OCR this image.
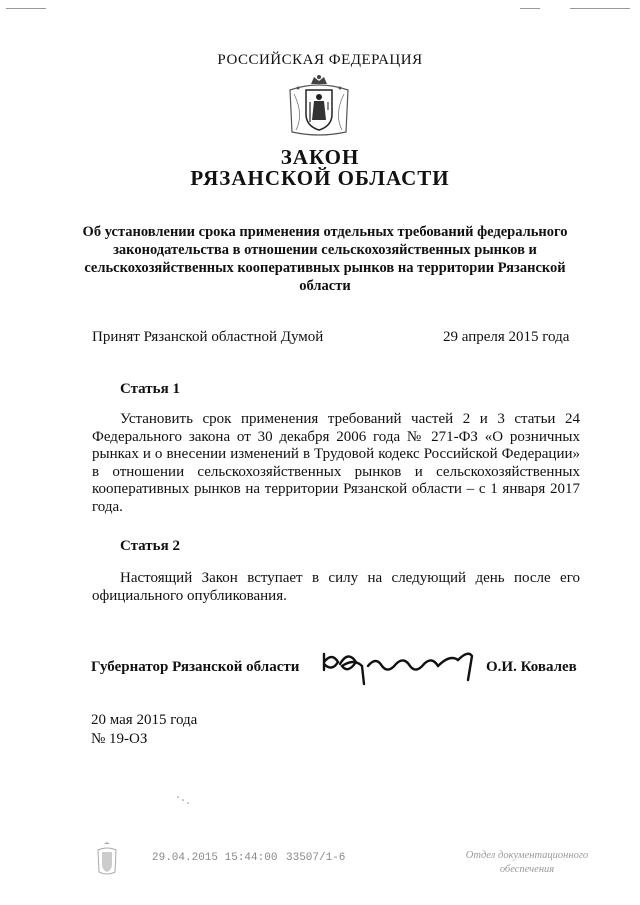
РОССИЙСКАЯ ФЕДЕРАЦИЯ
ЗАКОН
РЯЗАНСКОЙ ОБЛАСТИ
Об установлении срока применения отдельных требований федерального законодательства в отношении сельскохозяйственных рынков и сельскохозяйственных кооперативных рынков на территории Рязанской области
Принят Рязанской областной Думой	29 апреля 2015 года
Статья 1
Установить срок применения требований частей 2 и 3 статьи 24 Федерального закона от 30 декабря 2006 года № 271-ФЗ «О розничных рынках и о внесении изменений в Трудовой кодекс Российской Федерации» в отношении сельскохозяйственных рынков и сельскохозяйственных кооперативных рынков на территории Рязанской области – с 1 января 2017 года.
Статья 2
Настоящий Закон вступает в силу на следующий день после его официального опубликования.
Губернатор Рязанской области	О.И. Ковалев
20 мая 2015 года
№ 19-ОЗ
29.04.2015 15:44:00 33507/1-6	Отдел документационного
обеспечения
